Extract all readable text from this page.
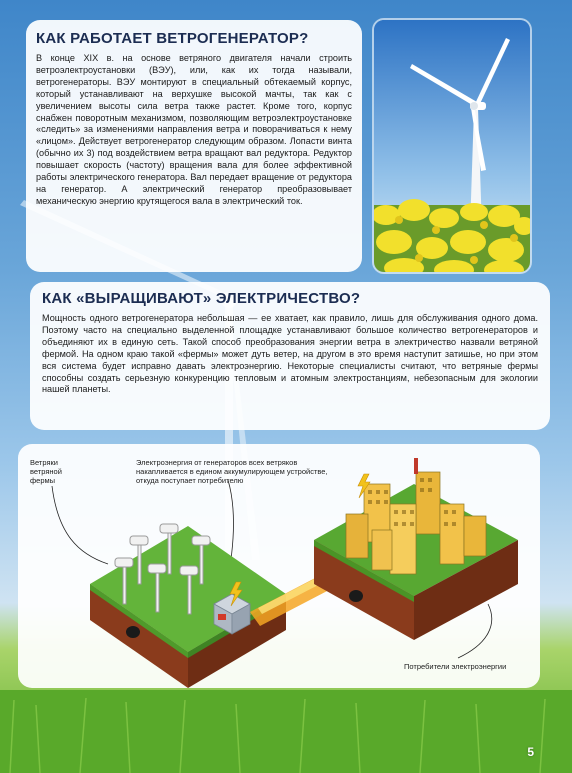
КАК РАБОТАЕТ ВЕТРОГЕНЕРАТОР?

В конце XIX в. на основе ветряного двигателя начали строить ветроэлектроустановки (ВЭУ), или, как их тогда называли, ветрогенераторы. ВЭУ монтируют в специальный обтекаемый корпус, который устанавливают на верхушке высокой мачты, так как с увеличением высоты сила ветра также растет. Кроме того, корпус снабжен поворотным механизмом, позволяющим ветроэлектроустановке «следить» за изменениями направления ветра и поворачиваться к нему «лицом». Действует ветрогенератор следующим образом. Лопасти винта (обычно их 3) под воздействием ветра вращают вал редуктора. Редуктор повышает скорость (частоту) вращения вала для более эффективной работы электрического генератора. Вал передает вращение от редуктора на генератор. А электрический генератор преобразовывает механическую энергию крутящегося вала в электрический ток.

КАК «ВЫРАЩИВАЮТ» ЭЛЕКТРИЧЕСТВО?

Мощность одного ветрогенератора небольшая — ее хватает, как правило, лишь для обслуживания одного дома. Поэтому часто на специально выделенной площадке устанавливают большое количество ветрогенераторов и объединяют их в единую сеть. Такой способ преобразования энергии ветра в электричество назвали ветряной фермой. На одном краю такой «фермы» может дуть ветер, на другом в это время наступит затишье, но при этом вся система будет исправно давать электроэнергию. Некоторые специалисты считают, что ветряные фермы способны создать серьезную конкуренцию тепловым и атомным электростанциям, небезопасным для экологии нашей планеты.

Ветряки ветряной фермы
Электроэнергия от генераторов всех ветряков накапливается в едином аккумулирующем устройстве, откуда поступает потребителю
Потребители электроэнергии
5
